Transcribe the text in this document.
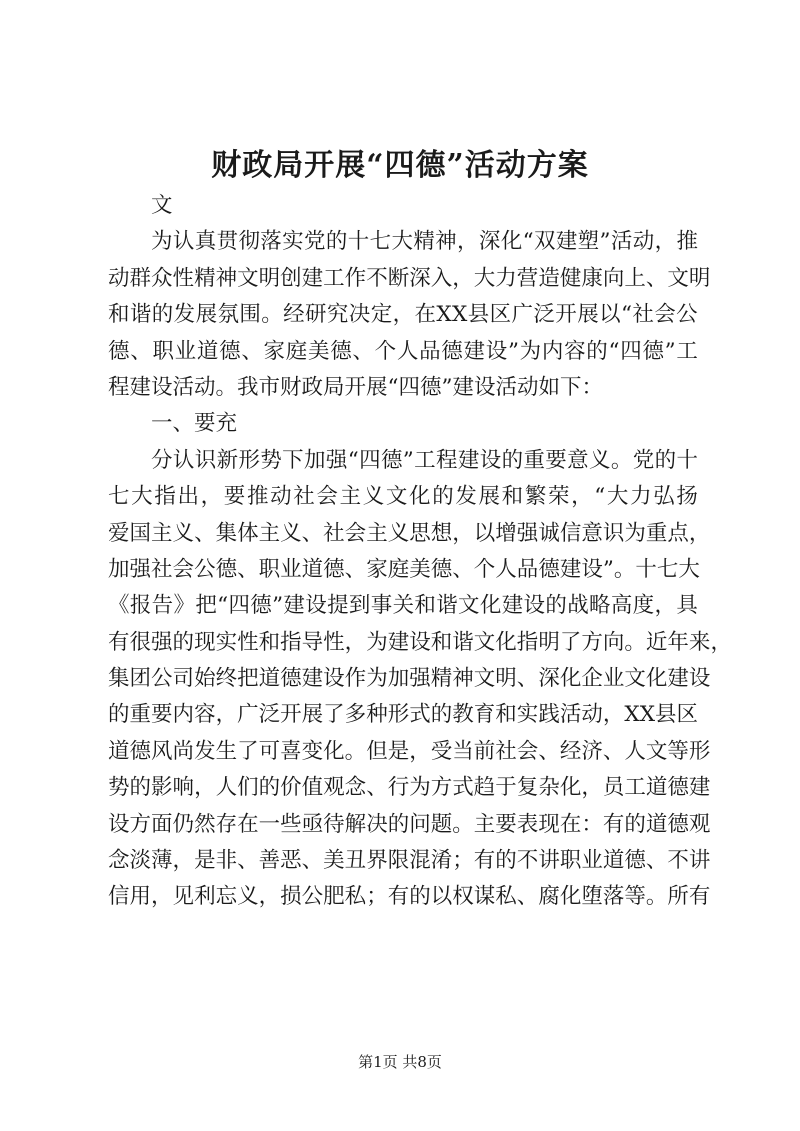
财政局开展“四德”活动方案
文
为 认 真 贯 彻 落 实 党 的 十 七 大 精 神 ， 深 化 “ 双 建 塑 ” 活 动 ， 推
动 群 众 性 精 神 文 明 创 建 工 作 不 断 深 入 ， 大 力 营 造 健 康 向 上 、 文 明
和 谐 的 发 展 氛 围 。 经 研 究 决 定 ， 在 X X 县 区 广 泛 开 展 以 “ 社 会 公
德 、 职 业 道 德 、 家 庭 美 德 、 个 人 品 德 建 设 ” 为 内 容 的 “ 四 德 ” 工
程建设活动。我市财政局开展“四德”建设活动如下：
一、要充
分 认 识 新 形 势 下 加 强 “ 四 德 ” 工 程 建 设 的 重 要 意 义 。 党 的 十
七 大 指 出 ， 要 推 动 社 会 主 义 文 化 的 发 展 和 繁 荣 ， “ 大 力 弘 扬
爱 国 主 义 、 集 体 主 义 、 社 会 主 义 思 想 ， 以 增 强 诚 信 意 识 为 重 点 ，
加 强 社 会 公 德 、 职 业 道 德 、 家 庭 美 德 、 个 人 品 德 建 设 ” 。 十 七 大
《 报 告 》 把 “ 四 德 ” 建 设 提 到 事 关 和 谐 文 化 建 设 的 战 略 高 度 ， 具
有 很 强 的 现 实 性 和 指 导 性 ， 为 建 设 和 谐 文 化 指 明 了 方 向 。 近 年 来 ，
集 团 公 司 始 终 把 道 德 建 设 作 为 加 强 精 神 文 明 、 深 化 企 业 文 化 建 设
的 重 要 内 容 ， 广 泛 开 展 了 多 种 形 式 的 教 育 和 实 践 活 动 ， X X 县 区
道 德 风 尚 发 生 了 可 喜 变 化 。 但 是 ， 受 当 前 社 会 、 经 济 、 人 文 等 形
势 的 影 响 ， 人 们 的 价 值 观 念 、 行 为 方 式 趋 于 复 杂 化 ， 员 工 道 德 建
设 方 面 仍 然 存 在 一 些 亟 待 解 决 的 问 题 。 主 要 表 现 在 ： 有 的 道 德 观
念 淡 薄 ， 是 非 、 善 恶 、 美 丑 界 限 混 淆 ； 有 的 不 讲 职 业 道 德 、 不 讲
信 用 ， 见 利 忘 义 ， 损 公 肥 私 ； 有 的 以 权 谋 私 、 腐 化 堕 落 等 。 所 有
第1页 共8页
